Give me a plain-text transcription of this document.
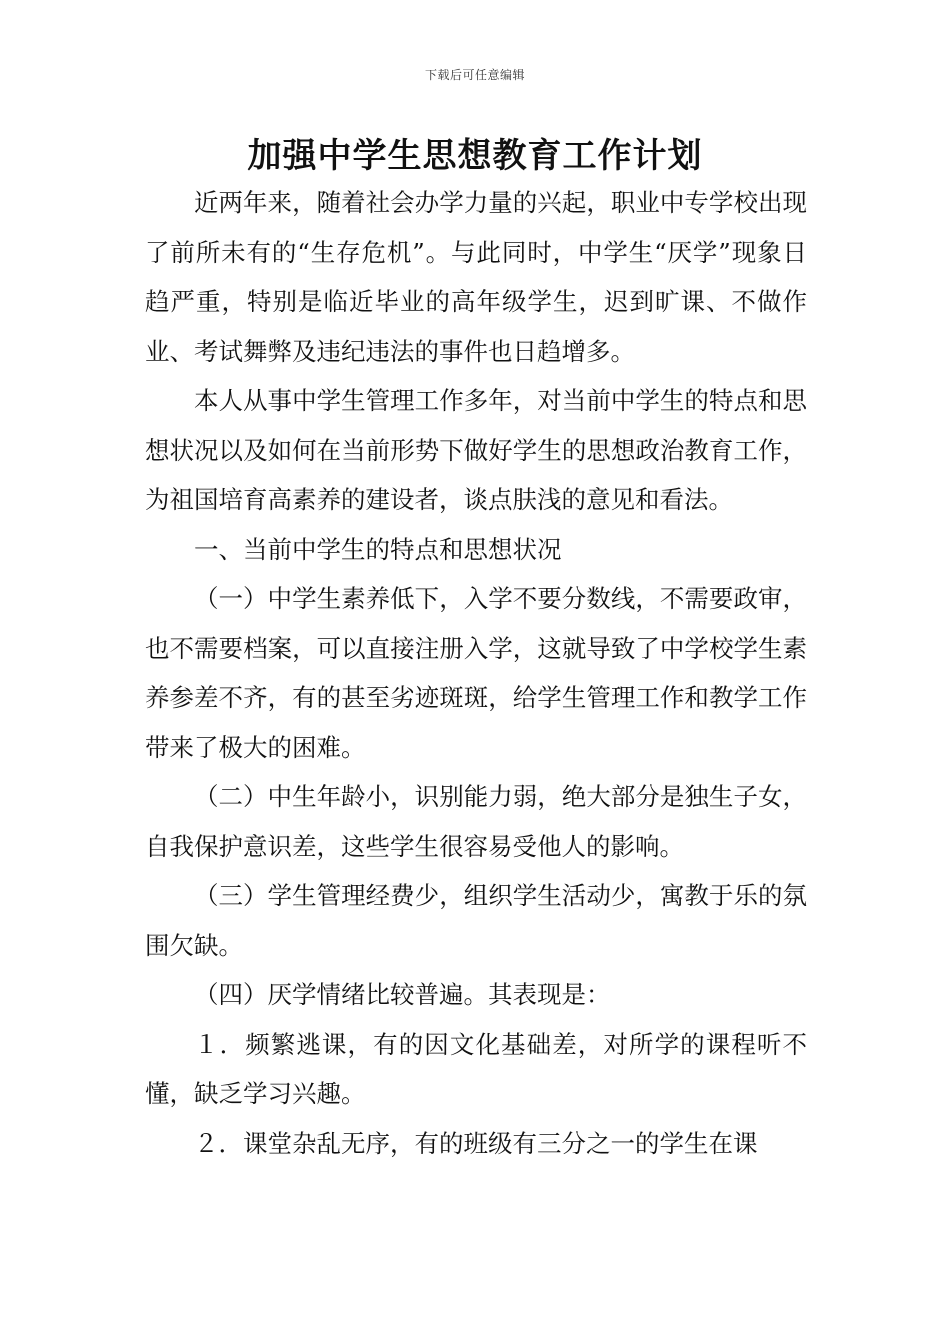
下载后可任意编辑
加强中学生思想教育工作计划

近两年来，随着社会办学力量的兴起，职业中专学校出现了前所未有的“生存危机”。与此同时，中学生“厌学”现象日趋严重，特别是临近毕业的高年级学生，迟到旷课、不做作业、考试舞弊及违纪违法的事件也日趋增多。

本人从事中学生管理工作多年，对当前中学生的特点和思想状况以及如何在当前形势下做好学生的思想政治教育工作，为祖国培育高素养的建设者，谈点肤浅的意见和看法。

一、当前中学生的特点和思想状况

（一）中学生素养低下，入学不要分数线，不需要政审，也不需要档案，可以直接注册入学，这就导致了中学校学生素养参差不齐，有的甚至劣迹斑斑，给学生管理工作和教学工作带来了极大的困难。

（二）中生年龄小，识别能力弱，绝大部分是独生子女，自我保护意识差，这些学生很容易受他人的影响。

（三）学生管理经费少，组织学生活动少，寓教于乐的氛围欠缺。

（四）厌学情绪比较普遍。其表现是：

１．频繁逃课，有的因文化基础差，对所学的课程听不懂，缺乏学习兴趣。

２．课堂杂乱无序，有的班级有三分之一的学生在课
